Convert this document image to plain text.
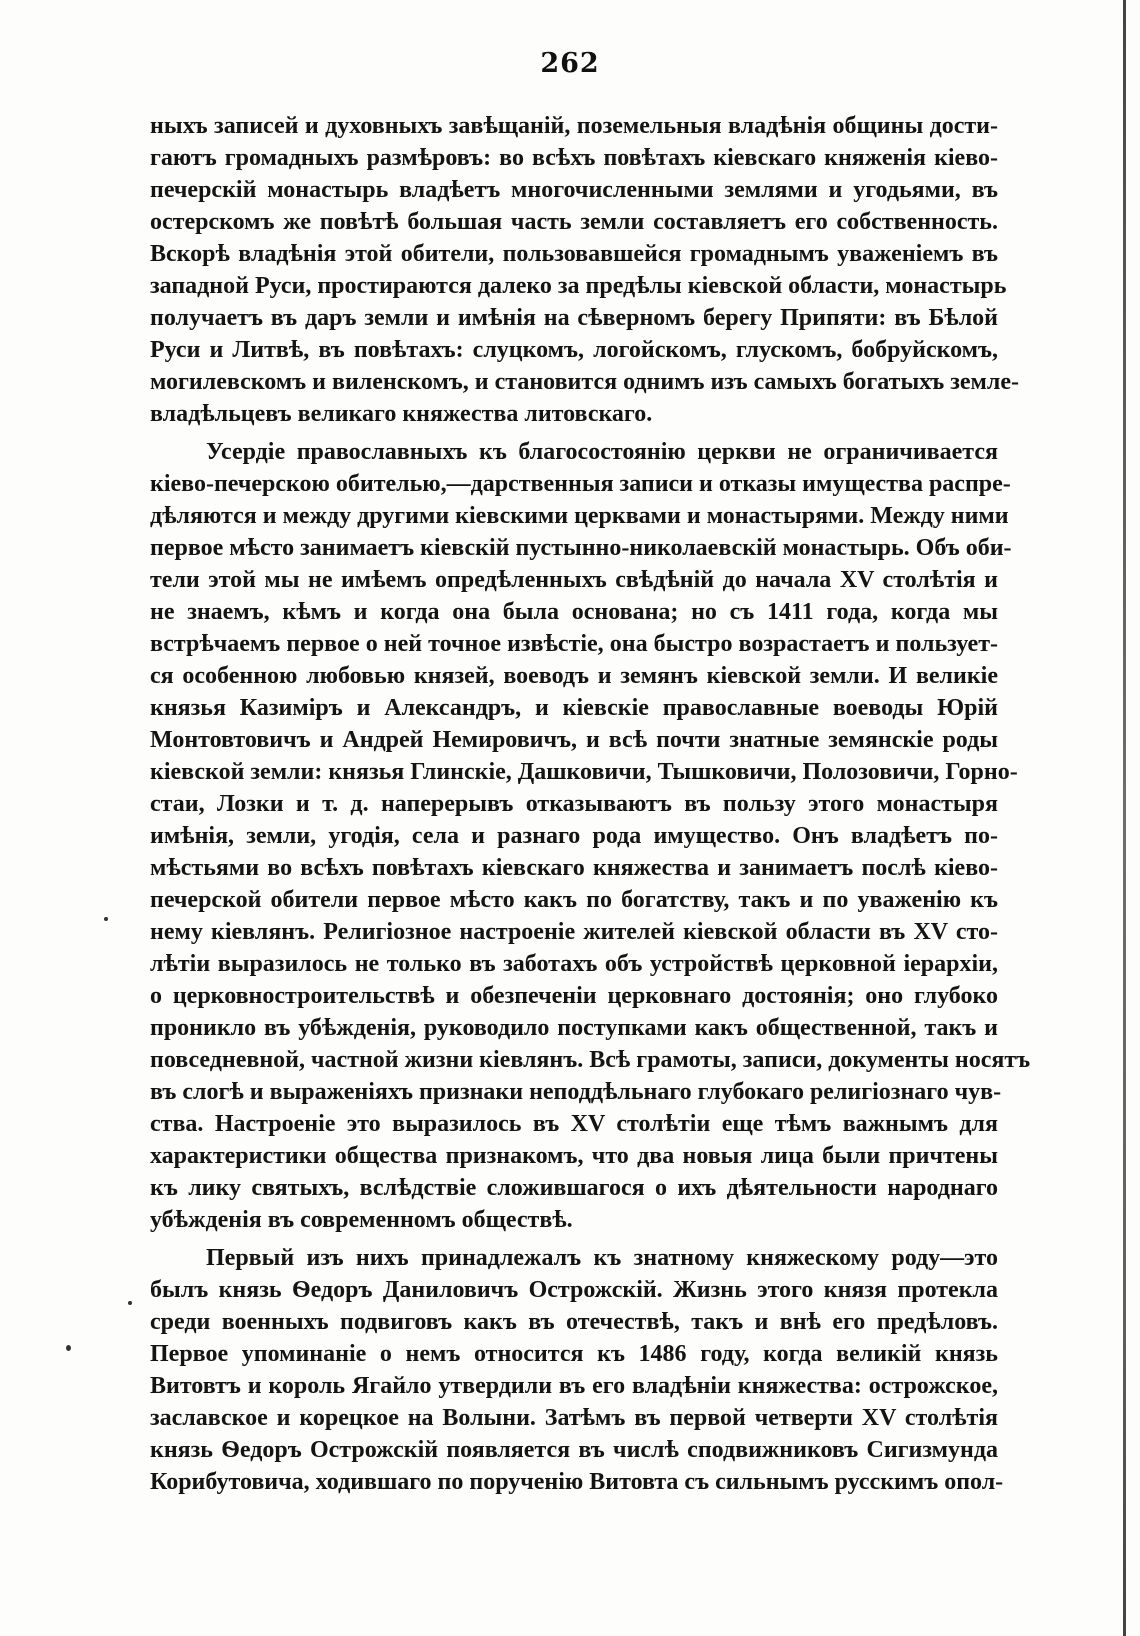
262
ныхъ записей и духовныхъ завѣщаній, поземельныя владѣнія общины дости-
гаютъ громадныхъ размѣровъ: во всѣхъ повѣтахъ кіевскаго княженія кіево-
печерскій монастырь владѣетъ многочисленными землями и угодьями, въ
остерскомъ же повѣтѣ большая часть земли составляетъ его собственность.
Вскорѣ владѣнія этой обители, пользовавшейся громаднымъ уваженіемъ въ
западной Руси, простираются далеко за предѣлы кіевской области, монастырь
получаетъ въ даръ земли и имѣнія на сѣверномъ берегу Припяти: въ Бѣлой
Руси и Литвѣ, въ повѣтахъ: слуцкомъ, логойскомъ, глускомъ, бобруйскомъ,
могилевскомъ и виленскомъ, и становится однимъ изъ самыхъ богатыхъ земле-
владѣльцевъ великаго княжества литовскаго.
Усердіе православныхъ къ благосостоянію церкви не ограничивается
кіево-печерскою обителью,—дарственныя записи и отказы имущества распре-
дѣляются и между другими кіевскими церквами и монастырями. Между ними
первое мѣсто занимаетъ кіевскій пустынно-николаевскій монастырь. Объ оби-
тели этой мы не имѣемъ опредѣленныхъ свѣдѣній до начала XV столѣтія и
не знаемъ, кѣмъ и когда она была основана; но съ 1411 года, когда мы
встрѣчаемъ первое о ней точное извѣстіе, она быстро возрастаетъ и пользует-
ся особенною любовью князей, воеводъ и земянъ кіевской земли. И великіе
князья Казиміръ и Александръ, и кіевскіе православные воеводы Юрій
Монтовтовичъ и Андрей Немировичъ, и всѣ почти знатные земянскіе роды
кіевской земли: князья Глинскіе, Дашковичи, Тышковичи, Полозовичи, Горно-
стаи, Лозки и т. д. наперерывъ отказываютъ въ пользу этого монастыря
имѣнія, земли, угодія, села и разнаго рода имущество. Онъ владѣетъ по-
мѣстьями во всѣхъ повѣтахъ кіевскаго княжества и занимаетъ послѣ кіево-
печерской обители первое мѣсто какъ по богатству, такъ и по уваженію къ
нему кіевлянъ. Религіозное настроеніе жителей кіевской области въ XV сто-
лѣтіи выразилось не только въ заботахъ объ устройствѣ церковной іерархіи,
о церковностроительствѣ и обезпеченіи церковнаго достоянія; оно глубоко
проникло въ убѣжденія, руководило поступками какъ общественной, такъ и
повседневной, частной жизни кіевлянъ. Всѣ грамоты, записи, документы носятъ
въ слогѣ и выраженіяхъ признаки неподдѣльнаго глубокаго религіознаго чув-
ства. Настроеніе это выразилось въ XV столѣтіи еще тѣмъ важнымъ для
характеристики общества признакомъ, что два новыя лица были причтены
къ лику святыхъ, вслѣдствіе сложившагося о ихъ дѣятельности народнаго
убѣжденія въ современномъ обществѣ.
Первый изъ нихъ принадлежалъ къ знатному княжескому роду—это
былъ князь Ѳедоръ Даниловичъ Острожскій. Жизнь этого князя протекла
среди военныхъ подвиговъ какъ въ отечествѣ, такъ и внѣ его предѣловъ.
Первое упоминаніе о немъ относится къ 1486 году, когда великій князь
Витовтъ и король Ягайло утвердили въ его владѣніи княжества: острожское,
заславское и корецкое на Волыни. Затѣмъ въ первой четверти XV столѣтія
князь Ѳедоръ Острожскій появляется въ числѣ сподвижниковъ Сигизмунда
Корибутовича, ходившаго по порученію Витовта съ сильнымъ русскимъ опол-
